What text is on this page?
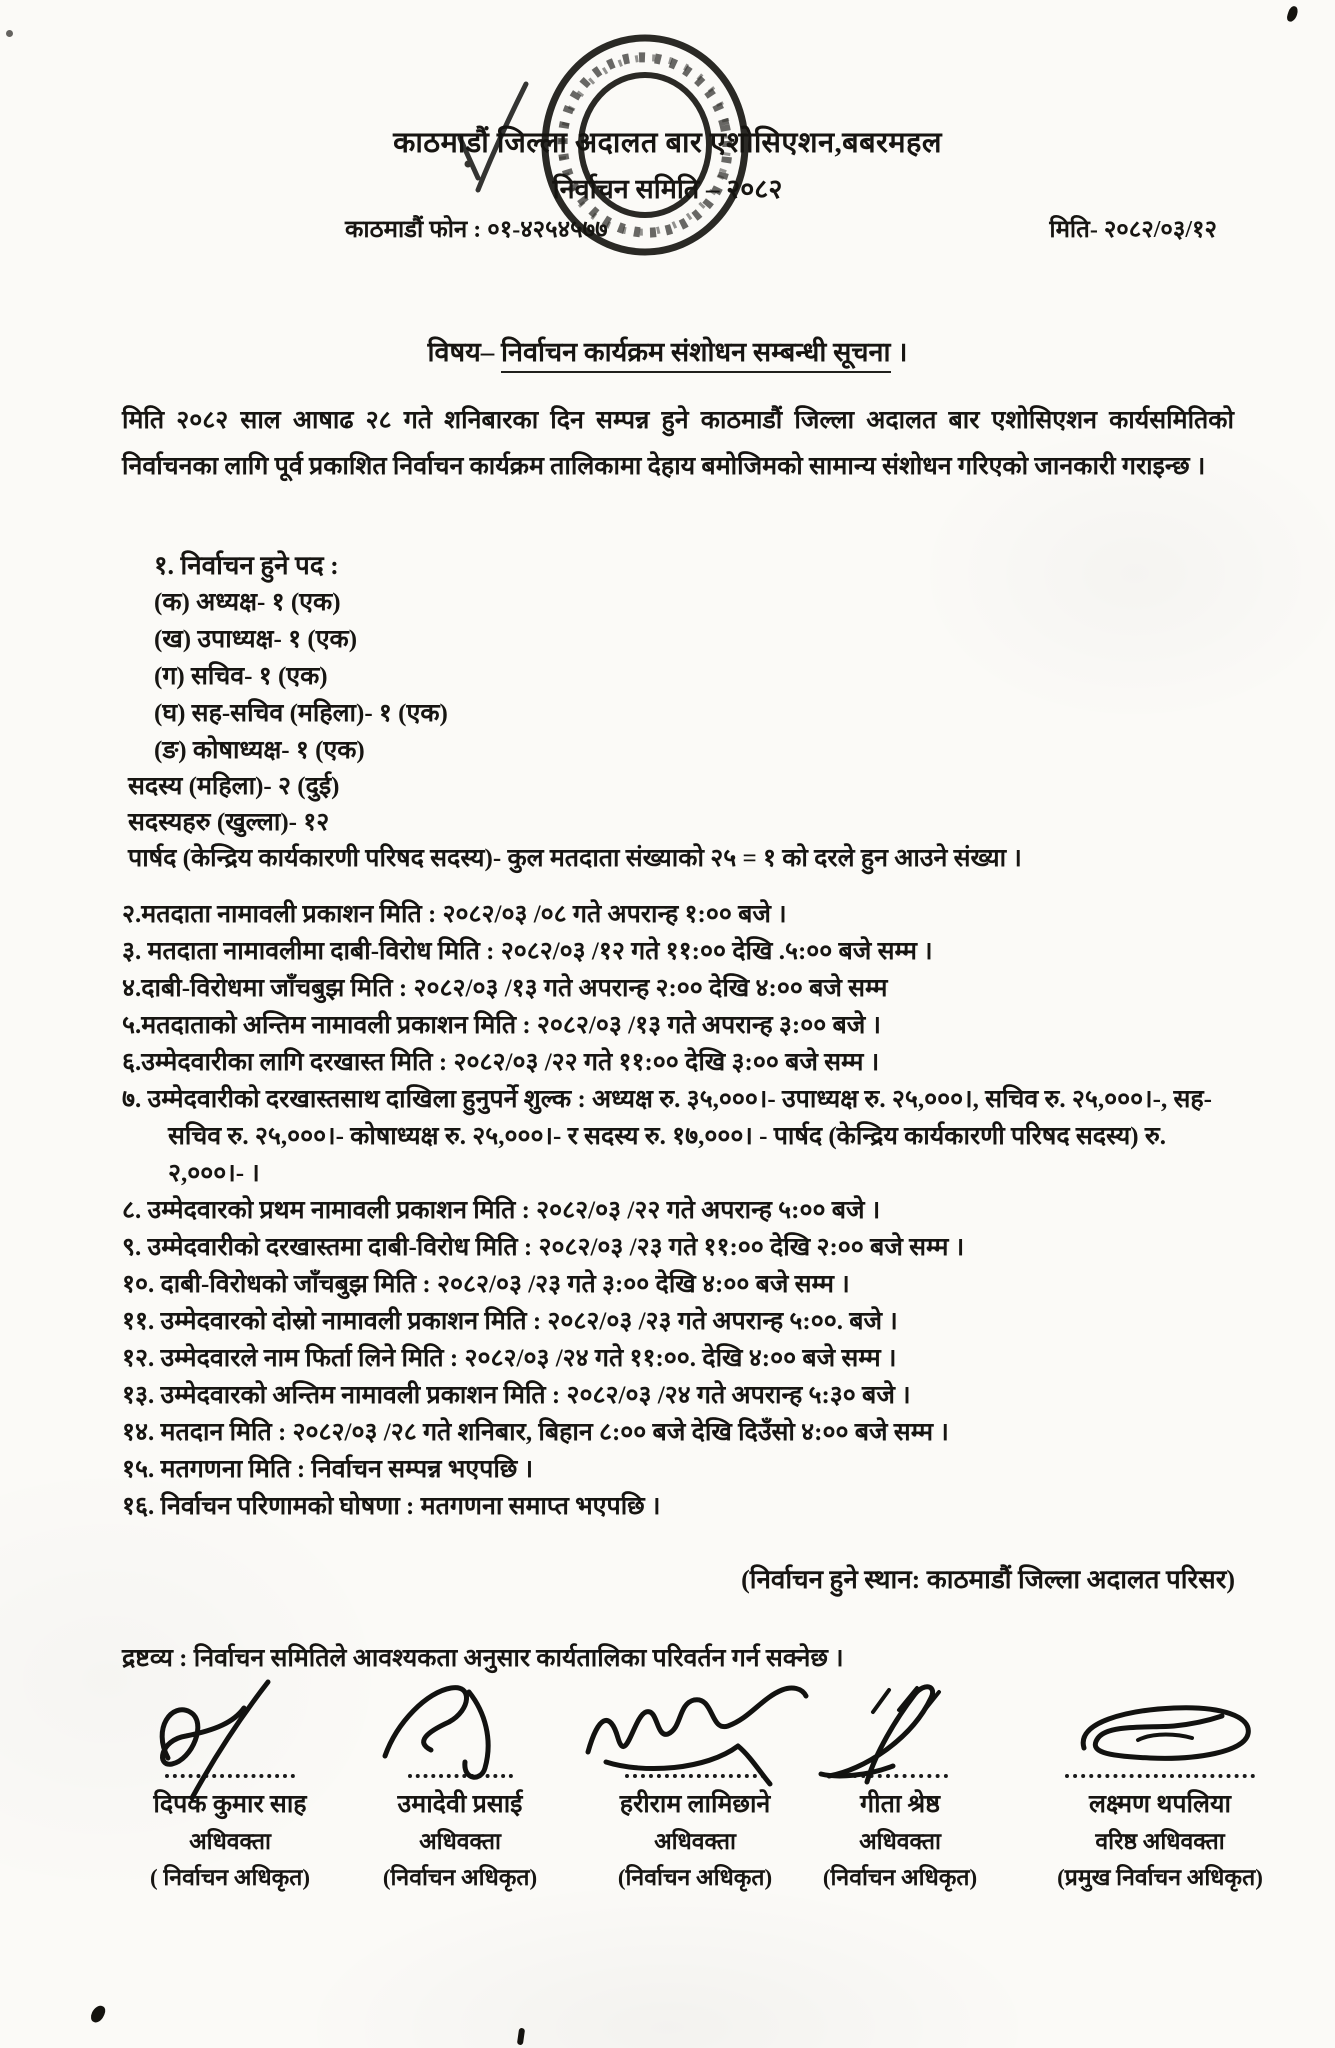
काठमाडौं जिल्ला अदालत बार एशोसिएशन,बबरमहल
निर्वाचन समिति – २०८२
काठमाडौं फोन : ०१-४२५४५७७	मिति- २०८२/०३/१२
विषय– निर्वाचन कार्यक्रम संशोधन सम्बन्धी सूचना ।

मिति २०८२ साल आषाढ २८ गते शनिबारका दिन सम्पन्न हुने काठमाडौं जिल्ला अदालत बार एशोसिएशन कार्यसमितिको निर्वाचनका लागि पूर्व प्रकाशित निर्वाचन कार्यक्रम तालिकामा देहाय बमोजिमको सामान्य संशोधन गरिएको जानकारी गराइन्छ ।

१. निर्वाचन हुने पद :
(क) अध्यक्ष- १ (एक)
(ख) उपाध्यक्ष- १ (एक)
(ग) सचिव- १ (एक)
(घ) सह-सचिव (महिला)- १ (एक)
(ङ) कोषाध्यक्ष- १ (एक)
सदस्य (महिला)- २ (दुई)
सदस्यहरु (खुल्ला)- १२
पार्षद (केन्द्रिय कार्यकारणी परिषद सदस्य)- कुल मतदाता संख्याको २५ = १ को दरले हुन आउने संख्या ।
२.मतदाता नामावली प्रकाशन मिति : २०८२/०३ /०८ गते अपरान्ह १:०० बजे ।
३. मतदाता नामावलीमा दाबी-विरोध मिति : २०८२/०३ /१२ गते ११:०० देखि .५:०० बजे सम्म ।
४.दाबी-विरोधमा जाँचबुझ मिति : २०८२/०३ /१३ गते अपरान्ह २:०० देखि ४:०० बजे सम्म
५.मतदाताको अन्तिम नामावली प्रकाशन मिति : २०८२/०३ /१३ गते अपरान्ह ३:०० बजे ।
६.उम्मेदवारीका लागि दरखास्त मिति : २०८२/०३ /२२ गते ११:०० देखि ३:०० बजे सम्म ।
७. उम्मेदवारीको दरखास्तसाथ दाखिला हुनुपर्ने शुल्क : अध्यक्ष रु. ३५,०००।- उपाध्यक्ष रु. २५,०००।, सचिव रु. २५,०००।-, सह-सचिव रु. २५,०००।- कोषाध्यक्ष रु. २५,०००।- र सदस्य रु. १७,०००। - पार्षद (केन्द्रिय कार्यकारणी परिषद सदस्य) रु. २,०००।- ।
८. उम्मेदवारको प्रथम नामावली प्रकाशन मिति : २०८२/०३ /२२ गते अपरान्ह ५:०० बजे ।
९. उम्मेदवारीको दरखास्तमा दाबी-विरोध मिति : २०८२/०३ /२३ गते ११:०० देखि २:०० बजे सम्म ।
१०. दाबी-विरोधको जाँचबुझ मिति : २०८२/०३ /२३ गते ३:०० देखि ४:०० बजे सम्म ।
११. उम्मेदवारको दोस्रो नामावली प्रकाशन मिति : २०८२/०३ /२३ गते अपरान्ह ५:००. बजे ।
१२. उम्मेदवारले नाम फिर्ता लिने मिति : २०८२/०३ /२४ गते ११:००. देखि ४:०० बजे सम्म ।
१३. उम्मेदवारको अन्तिम नामावली प्रकाशन मिति : २०८२/०३ /२४ गते अपरान्ह ५:३० बजे ।
१४. मतदान मिति : २०८२/०३ /२८ गते शनिबार, बिहान ८:०० बजे देखि दिउँसो ४:०० बजे सम्म ।
१५. मतगणना मिति : निर्वाचन सम्पन्न भएपछि ।
१६. निर्वाचन परिणामको घोषणा : मतगणना समाप्त भएपछि ।
(निर्वाचन हुने स्थान: काठमाडौं जिल्ला अदालत परिसर)
द्रष्टव्य : निर्वाचन समितिले आवश्यकता अनुसार कार्यतालिका परिवर्तन गर्न सक्नेछ ।
दिपक कुमार साह
अधिवक्ता
( निर्वाचन अधिकृत)
उमादेवी प्रसाई
अधिवक्ता
(निर्वाचन अधिकृत)
हरीराम लामिछाने
अधिवक्ता
(निर्वाचन अधिकृत)
गीता श्रेष्ठ
अधिवक्ता
(निर्वाचन अधिकृत)
लक्ष्मण थपलिया
वरिष्ठ अधिवक्ता
(प्रमुख निर्वाचन अधिकृत)
